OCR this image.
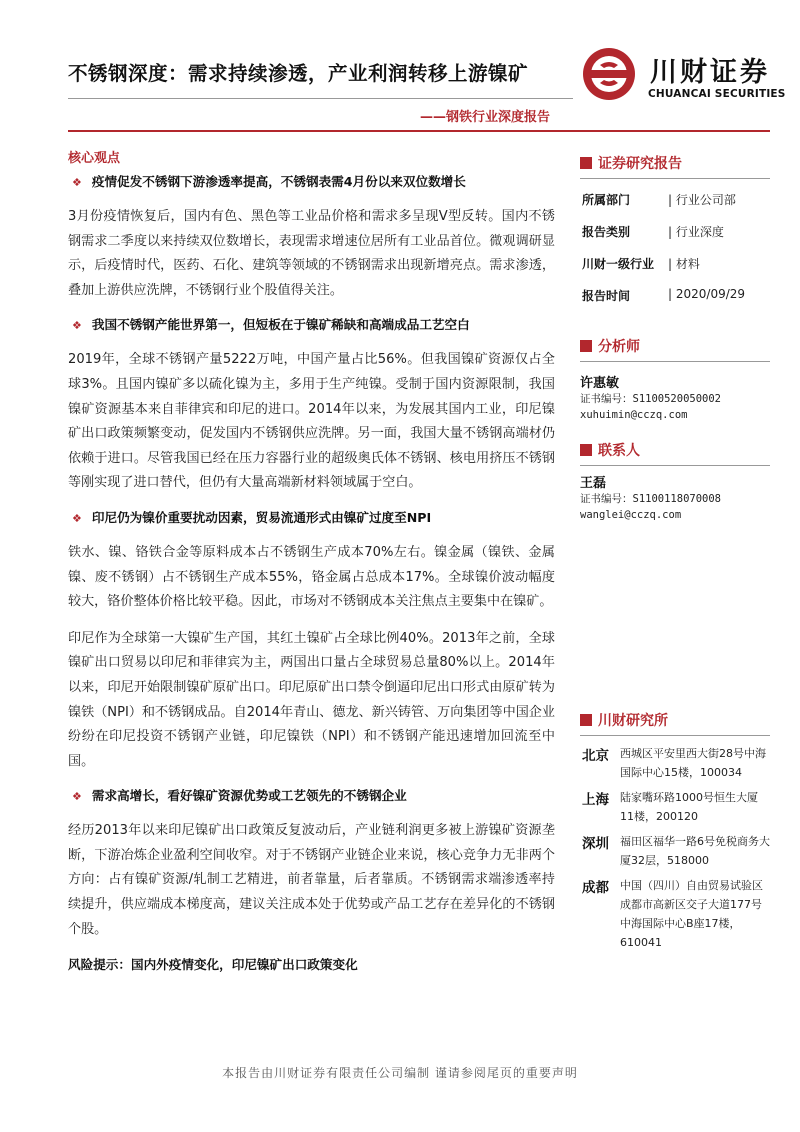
不锈钢深度：需求持续渗透，产业利润转移上游镍矿	川财证券
CHUANCAI SECURITIES
——钢铁行业深度报告
核心观点
❖ 疫情促发不锈钢下游渗透率提高，不锈钢表需4月份以来双位数增长

3月份疫情恢复后，国内有色、黑色等工业品价格和需求多呈现V型反转。国内不锈钢需求二季度以来持续双位数增长，表现需求增速位居所有工业品首位。微观调研显示，后疫情时代，医药、石化、建筑等领域的不锈钢需求出现新增亮点。需求渗透，叠加上游供应洗牌，不锈钢行业个股值得关注。

❖ 我国不锈钢产能世界第一，但短板在于镍矿稀缺和高端成品工艺空白

2019年，全球不锈钢产量5222万吨，中国产量占比56%。但我国镍矿资源仅占全球3%。且国内镍矿多以硫化镍为主，多用于生产纯镍。受制于国内资源限制，我国镍矿资源基本来自菲律宾和印尼的进口。2014年以来，为发展其国内工业，印尼镍矿出口政策频繁变动，促发国内不锈钢供应洗牌。另一面，我国大量不锈钢高端材仍依赖于进口。尽管我国已经在压力容器行业的超级奥氏体不锈钢、核电用挤压不锈钢等刚实现了进口替代，但仍有大量高端新材料领域属于空白。

❖ 印尼仍为镍价重要扰动因素，贸易流通形式由镍矿过度至NPI

铁水、镍、铬铁合金等原料成本占不锈钢生产成本70%左右。镍金属（镍铁、金属镍、废不锈钢）占不锈钢生产成本55%，铬金属占总成本17%。全球镍价波动幅度较大，铬价整体价格比较平稳。因此，市场对不锈钢成本关注焦点主要集中在镍矿。

印尼作为全球第一大镍矿生产国，其红土镍矿占全球比例40%。2013年之前，全球镍矿出口贸易以印尼和菲律宾为主，两国出口量占全球贸易总量80%以上。2014年以来，印尼开始限制镍矿原矿出口。印尼原矿出口禁令倒逼印尼出口形式由原矿转为镍铁（NPI）和不锈钢成品。自2014年青山、德龙、新兴铸管、万向集团等中国企业纷纷在印尼投资不锈钢产业链，印尼镍铁（NPI）和不锈钢产能迅速增加回流至中国。

❖ 需求高增长，看好镍矿资源优势或工艺领先的不锈钢企业

经历2013年以来印尼镍矿出口政策反复波动后，产业链利润更多被上游镍矿资源垄断，下游冶炼企业盈利空间收窄。对于不锈钢产业链企业来说，核心竞争力无非两个方向：占有镍矿资源/轧制工艺精进，前者靠量，后者靠质。不锈钢需求端渗透率持续提升，供应端成本梯度高，建议关注成本处于优势或产品工艺存在差异化的不锈钢个股。

风险提示：国内外疫情变化，印尼镍矿出口政策变化
证券研究报告
所属部门	| 行业公司部
报告类别	| 行业深度
川财一级行业 | 材料
报告时间	| 2020/09/29
分析师
许惠敏
证书编号：S1100520050002
xuhuimin@cczq.com
联系人
王磊
证书编号：S1100118070008
wanglei@cczq.com
川财研究所
北京 西城区平安里西大街28号中海国际中心15楼，100034
上海 陆家嘴环路1000号恒生大厦11楼，200120
深圳 福田区福华一路6号免税商务大厦32层，518000
成都 中国（四川）自由贸易试验区成都市高新区交子大道177号中海国际中心B座17楼，610041
本报告由川财证券有限责任公司编制 谨请参阅尾页的重要声明
